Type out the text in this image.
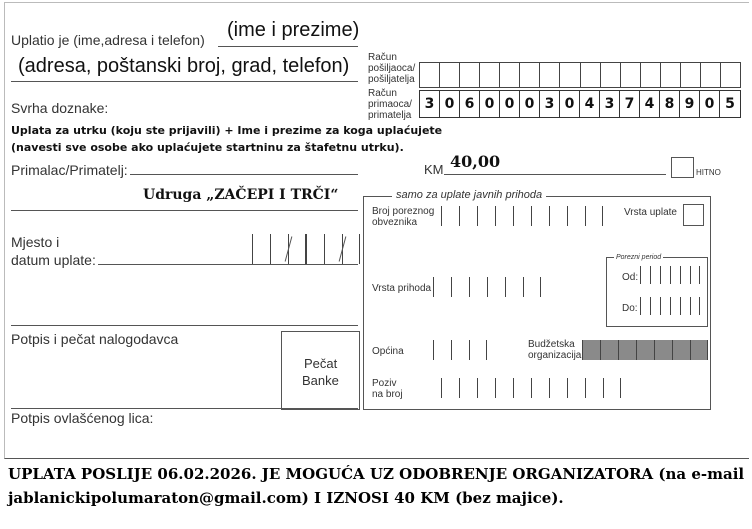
Uplatio je (ime,adresa i telefon) (ime i prezime)
(adresa, poštanski broj, grad, telefon)
Svrha doznake:
Uplata za utrku (koju ste prijavili) + Ime i prezime za koga uplaćujete
(navesti sve osobe ako uplaćujete startninu za štafetnu utrku).
Primalac/Primatelj:
Udruga „ZAČEPI I TRČI“
Mjesto i
datum uplate:
Potpis i pečat nalogodavca
Pečat
Banke
Potpis ovlašćenog lica:
Račun
pošiljaoca/
pošiljatelja
Račun
primaoca/
primatelja
3 0 6 0 0 0 3 0 4 3 7 4 8 9 0 5
KM 40,00
HITNO
samo za uplate javnih prihoda
Broj poreznog
obveznika
Vrsta uplate
Vrsta prihoda
Porezni period
Od:
Do:
Općina
Budžetska
organizacija
Poziv
na broj
UPLATA POSLIJE 06.02.2026. JE MOGUĆA UZ ODOBRENJE ORGANIZATORA (na e-mail
jablanickipolumaraton@gmail.com) I IZNOSI 40 KM (bez majice).
